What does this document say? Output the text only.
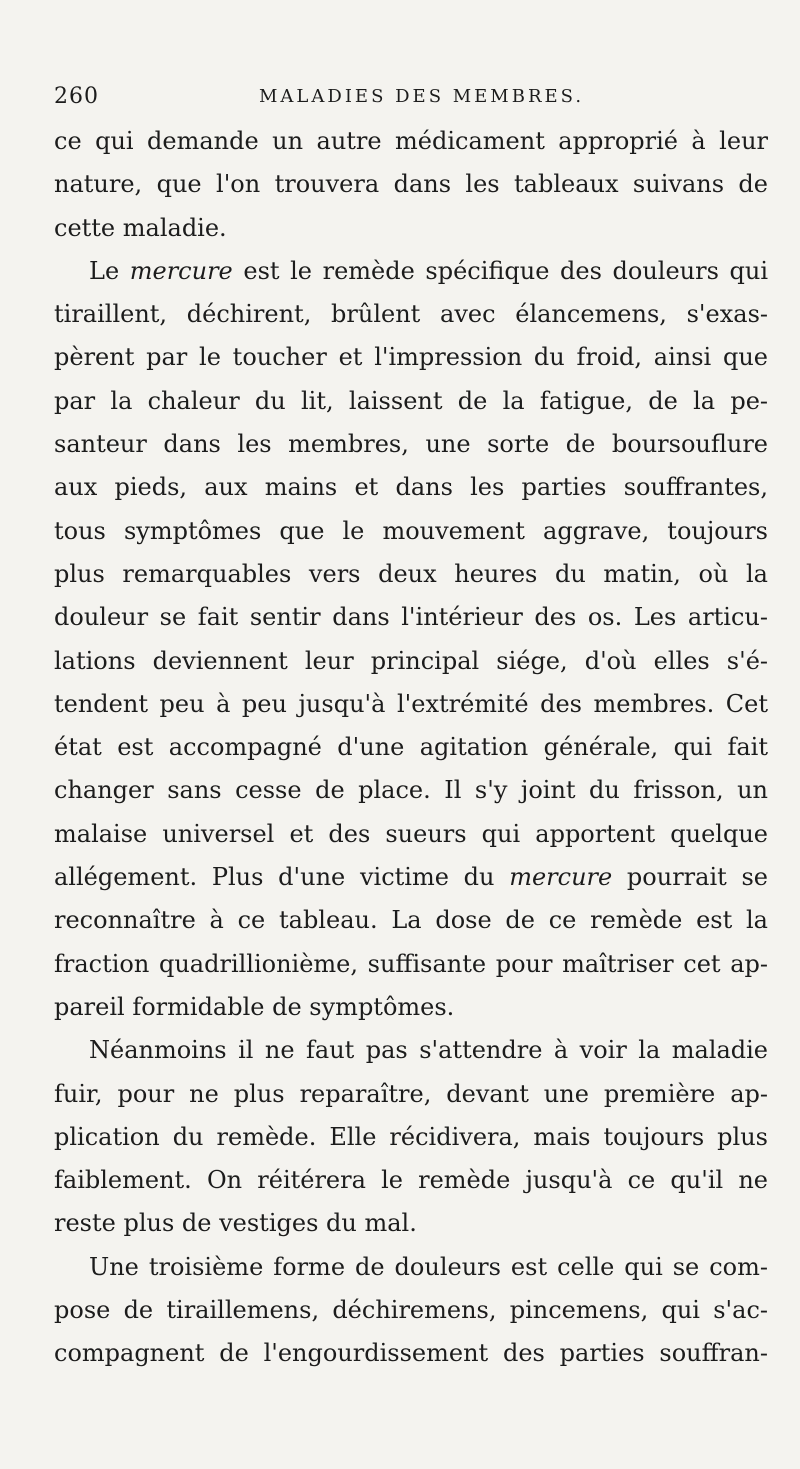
260	MALADIES DES MEMBRES.

ce qui demande un autre médicament approprié à leur
nature, que l'on trouvera dans les tableaux suivans de
cette maladie.

Le mercure est le remède spécifique des douleurs qui
tiraillent, déchirent, brûlent avec élancemens, s'exas-
pèrent par le toucher et l'impression du froid, ainsi que
par la chaleur du lit, laissent de la fatigue, de la pe-
santeur dans les membres, une sorte de boursouflure
aux pieds, aux mains et dans les parties souffrantes,
tous symptômes que le mouvement aggrave, toujours
plus remarquables vers deux heures du matin, où la
douleur se fait sentir dans l'intérieur des os. Les articu-
lations deviennent leur principal siége, d'où elles s'é-
tendent peu à peu jusqu'à l'extrémité des membres. Cet
état est accompagné d'une agitation générale, qui fait
changer sans cesse de place. Il s'y joint du frisson, un
malaise universel et des sueurs qui apportent quelque
allégement. Plus d'une victime du mercure pourrait se
reconnaître à ce tableau. La dose de ce remède est la
fraction quadrillionième, suffisante pour maîtriser cet ap-
pareil formidable de symptômes.

Néanmoins il ne faut pas s'attendre à voir la maladie
fuir, pour ne plus reparaître, devant une première ap-
plication du remède. Elle récidivera, mais toujours plus
faiblement. On réitérera le remède jusqu'à ce qu'il ne
reste plus de vestiges du mal.

Une troisième forme de douleurs est celle qui se com-
pose de tiraillemens, déchiremens, pincemens, qui s'ac-
compagnent de l'engourdissement des parties souffran-
